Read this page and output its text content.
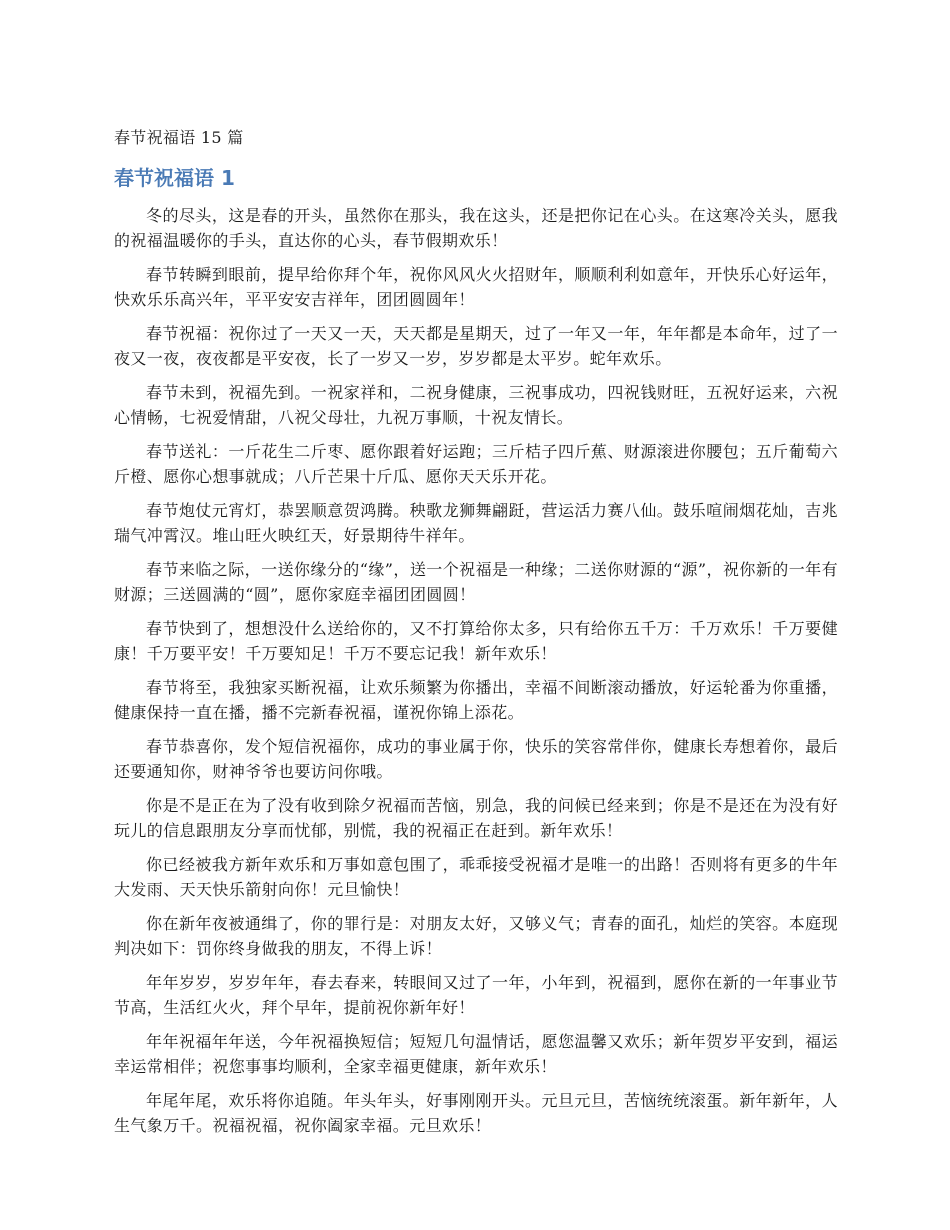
春节祝福语 15 篇
春节祝福语 1

冬的尽头，这是春的开头，虽然你在那头，我在这头，还是把你记在心头。在这寒冷关头，愿我的祝福温暖你的手头，直达你的心头，春节假期欢乐！

春节转瞬到眼前，提早给你拜个年，祝你风风火火招财年，顺顺利利如意年，开快乐心好运年，快欢乐乐高兴年，平平安安吉祥年，团团圆圆年！

春节祝福：祝你过了一天又一天，天天都是星期天，过了一年又一年，年年都是本命年，过了一夜又一夜，夜夜都是平安夜，长了一岁又一岁，岁岁都是太平岁。蛇年欢乐。

春节未到，祝福先到。一祝家祥和，二祝身健康，三祝事成功，四祝钱财旺，五祝好运来，六祝心情畅，七祝爱情甜，八祝父母壮，九祝万事顺，十祝友情长。

春节送礼：一斤花生二斤枣、愿你跟着好运跑；三斤桔子四斤蕉、财源滚进你腰包；五斤葡萄六斤橙、愿你心想事就成；八斤芒果十斤瓜、愿你天天乐开花。

春节炮仗元宵灯，恭罢顺意贺鸿腾。秧歌龙狮舞翩跹，营运活力赛八仙。鼓乐喧闹烟花灿，吉兆瑞气冲霄汉。堆山旺火映红天，好景期待牛祥年。

春节来临之际，一送你缘分的“缘”，送一个祝福是一种缘；二送你财源的“源”，祝你新的一年有财源；三送圆满的“圆”，愿你家庭幸福团团圆圆！

春节快到了，想想没什么送给你的，又不打算给你太多，只有给你五千万：千万欢乐！千万要健康！千万要平安！千万要知足！千万不要忘记我！新年欢乐！

春节将至，我独家买断祝福，让欢乐频繁为你播出，幸福不间断滚动播放，好运轮番为你重播，健康保持一直在播，播不完新春祝福，谨祝你锦上添花。

春节恭喜你，发个短信祝福你，成功的事业属于你，快乐的笑容常伴你，健康长寿想着你，最后还要通知你，财神爷爷也要访问你哦。

你是不是正在为了没有收到除夕祝福而苦恼，别急，我的问候已经来到；你是不是还在为没有好玩儿的信息跟朋友分享而忧郁，别慌，我的祝福正在赶到。新年欢乐！

你已经被我方新年欢乐和万事如意包围了，乖乖接受祝福才是唯一的出路！否则将有更多的牛年大发雨、天天快乐箭射向你！元旦愉快！

你在新年夜被通缉了，你的罪行是：对朋友太好，又够义气；青春的面孔，灿烂的笑容。本庭现判决如下：罚你终身做我的朋友，不得上诉！

年年岁岁，岁岁年年，春去春来，转眼间又过了一年，小年到，祝福到，愿你在新的一年事业节节高，生活红火火，拜个早年，提前祝你新年好！

年年祝福年年送，今年祝福换短信；短短几句温情话，愿您温馨又欢乐；新年贺岁平安到，福运幸运常相伴；祝您事事均顺利，全家幸福更健康，新年欢乐！

年尾年尾，欢乐将你追随。年头年头，好事刚刚开头。元旦元旦，苦恼统统滚蛋。新年新年，人生气象万千。祝福祝福，祝你阖家幸福。元旦欢乐！
